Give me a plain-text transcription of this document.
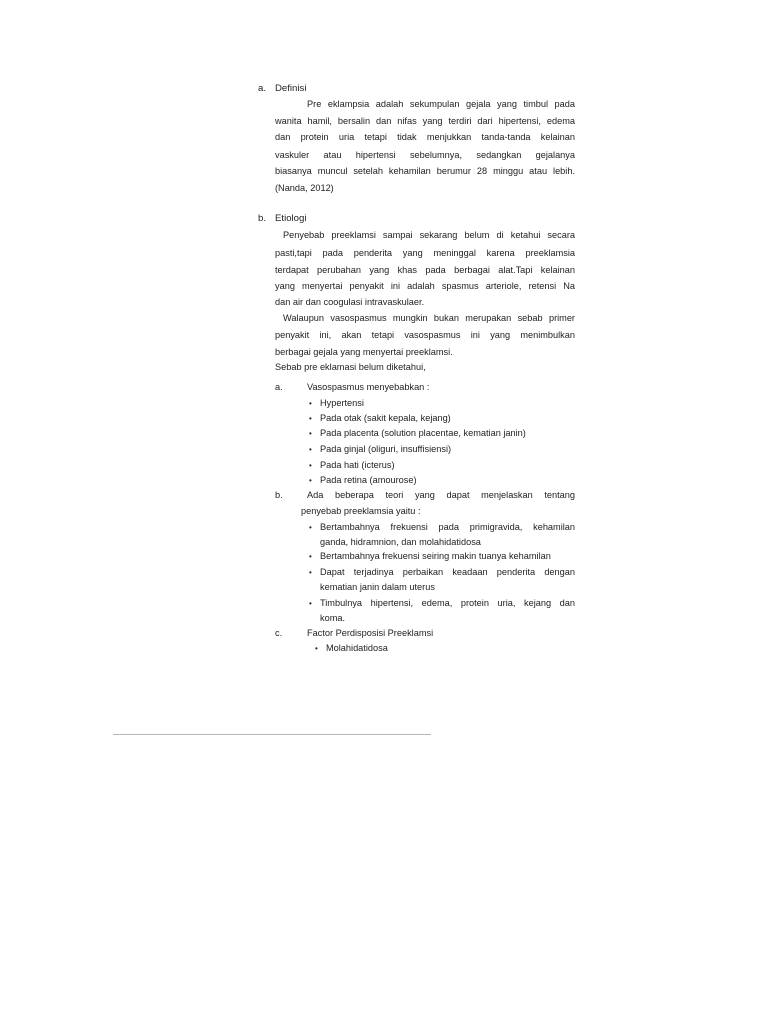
a. Definisi
Pre eklampsia adalah sekumpulan gejala yang timbul pada
wanita hamil, bersalin dan nifas yang terdiri dari hipertensi, edema
dan protein uria tetapi tidak menjukkan tanda-tanda kelainan
vaskuler atau hipertensi sebelumnya, sedangkan gejalanya
biasanya muncul setelah kehamilan berumur 28 minggu atau lebih.
(Nanda, 2012)
b. Etiologi
Penyebab preeklamsi sampai sekarang belum di ketahui secara
pasti,tapi pada penderita yang meninggal karena preeklamsia
terdapat perubahan yang khas pada berbagai alat.Tapi kelainan
yang menyertai penyakit ini adalah spasmus arteriole, retensi Na
dan air dan coogulasi intravaskulaer.
Walaupun vasospasmus mungkin bukan merupakan sebab primer
penyakit ini, akan tetapi vasospasmus ini yang menimbulkan
berbagai gejala yang menyertai preeklamsi.
Sebab pre eklamasi belum diketahui,
a.	Vasospasmus menyebabkan :
• Hypertensi
• Pada otak (sakit kepala, kejang)
• Pada placenta (solution placentae, kematian janin)
• Pada ginjal (oliguri, insuffisiensi)
• Pada hati (icterus)
• Pada retina (amourose)
b.	Ada beberapa teori yang dapat menjelaskan tentang
penyebab preeklamsia yaitu :
• Bertambahnya frekuensi pada primigravida, kehamilan
ganda, hidramnion, dan molahidatidosa
• Bertambahnya frekuensi seiring makin tuanya kehamilan
• Dapat terjadinya perbaikan keadaan penderita dengan
kematian janin dalam uterus
• Timbulnya hipertensi, edema, protein uria, kejang dan
koma.
c.	Factor Perdisposisi Preeklamsi
• Molahidatidosa
